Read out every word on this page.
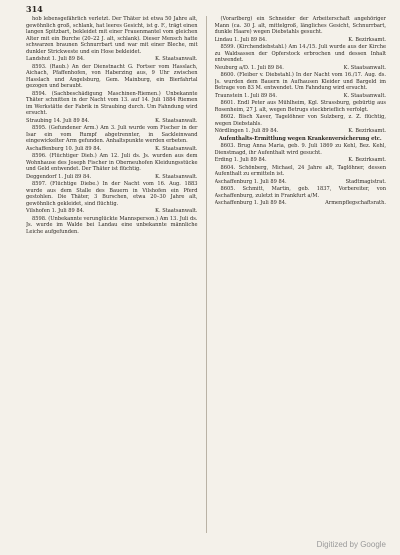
314

hob lebensgefährlich verletzt. Der Thäter ist etwa 50 Jahre alt, gewöhnlich groß, schlank, hat leeres Gesicht, ist g. F., trägt einen langen Spitzbart, bekleidet mit einer Frauenmantel vom gleichen Alter mit ein Burche (20–22 J. alt, schlank). Dieser Mensch hatte schwarzen braunen Schnurrbart und war mit einer Bleche, mit dunkler Strickweste und ein Hose bekleidet.

Landshut 1. Juli 89 84.	K. Staatsanwalt.

8593. (Raub.) An der Dienstnacht G. Fortser vom Hasslach, Aichach, Pfaffenhofen, von Haberzing aus, 9 Uhr zwischen Hasslach und Angelsburg, Gem. Mainburg, ein Bierfahrtal gezogen und beraubt.

8594. (Sachbeschädigung Maschinen-Riemen.) Unbekannte Thäter schnitten in der Nacht vom 13. auf 14. Juli 1884 Riemen im Werkstätte der Fabrik in Straubing durch. Um Fahndung wird ersucht.

Straubing 14. Juli 89 84.	K. Staatsanwalt.

8595. (Gefundener Arm.) Am 3. Juli wurde vom Fischer in der Isar ein vom Rumpf abgetrennter, in Sackleinwand eingewickelter Arm gefunden. Anhaltspunkte werden erbeten.

Aschaffenburg 10. Juli 89 84.	K. Staatsanwalt.

8596. (Flüchtiger Dieb.) Am 12. Juli ds. Js. wurden aus dem Wohnhause des Joseph Fischer in Oberneuhofen Kleidungsstücke und Geld entwendet. Der Thäter ist flüchtig.

Deggendorf 1. Juli 89 84.	K. Staatsanwalt.

8597. (Flüchtige Diebe.) In der Nacht vom 16. Aug. 1883 wurde aus dem Stalle des Bauern in Vilshofen ein Pferd gestohlen. Die Thäter, 3 Burschen, etwa 20–30 Jahre alt, gewöhnlich gekleidet, sind flüchtig.

Vilshofen 1. Juli 89 84.	K. Staatsanwalt.

8598. (Unbekannte verunglückte Mannsperson.) Am 13. Juli ds. Js. wurde im Walde bei Landau eine unbekannte männliche Leiche aufgefunden.

(Vorarlberg) ein Schneider der Arbeiterschaft angehöriger Mann (ca. 30 J. alt, mittelgroß, längliches Gesicht, Schnurrbart, dunkle Haare) wegen Diebstahls gesucht.

Lindau 1. Juli 89 84.	K. Bezirksamt.

8599. (Kirchendiebstahl.) Am 14./15. Juli wurde aus der Kirche zu Waldsassen der Opferstock erbrochen und dessen Inhalt entwendet.

Neuburg a/D. 1. Juli 89 84.	K. Staatsanwalt.

8600. (Fleiber v. Diebstahl.) In der Nacht vom 16./17. Aug. ds. Js. wurden dem Bauern in Aufhausen Kleider und Bargeld im Betrage von 83 M. entwendet. Um Fahndung wird ersucht.

Traunstein 1. Juli 89 84.	K. Staatsanwalt.

8601. Endl Peter aus Mühlheim, Kgl. Strassburg, gebürtig aus Rosenheim, 27 J. alt, wegen Betrugs steckbrieflich verfolgt.

8602. Bisch Xaver, Tagelöhner von Sulzberg, z. Z. flüchtig, wegen Diebstahls.

Nördlingen 1. Juli 89 84.	K. Bezirksamt.

Aufenthalts-Ermittlung wegen Krankenversicherung etc.

8603. Brug Anna Maria, geb. 9. Juli 1869 zu Kehl, Bez. Kehl, Dienstmagd, ihr Aufenthalt wird gesucht.

Erding 1. Juli 89 84.	K. Bezirksamt.

8604. Schönberg, Michael, 24 Jahre alt, Taglöhner, dessen Aufenthalt zu ermitteln ist.

Aschaffenburg 1. Juli 89 84.	Stadtmagistrat.

8605. Schmitt, Martin, geb. 1837, Vorbereiter, von Aschaffenburg, zuletzt in Frankfurt a/M.

Aschaffenburg 1. Juli 89 84.	Armenpflegschaftsrath.

Digitized by Google
